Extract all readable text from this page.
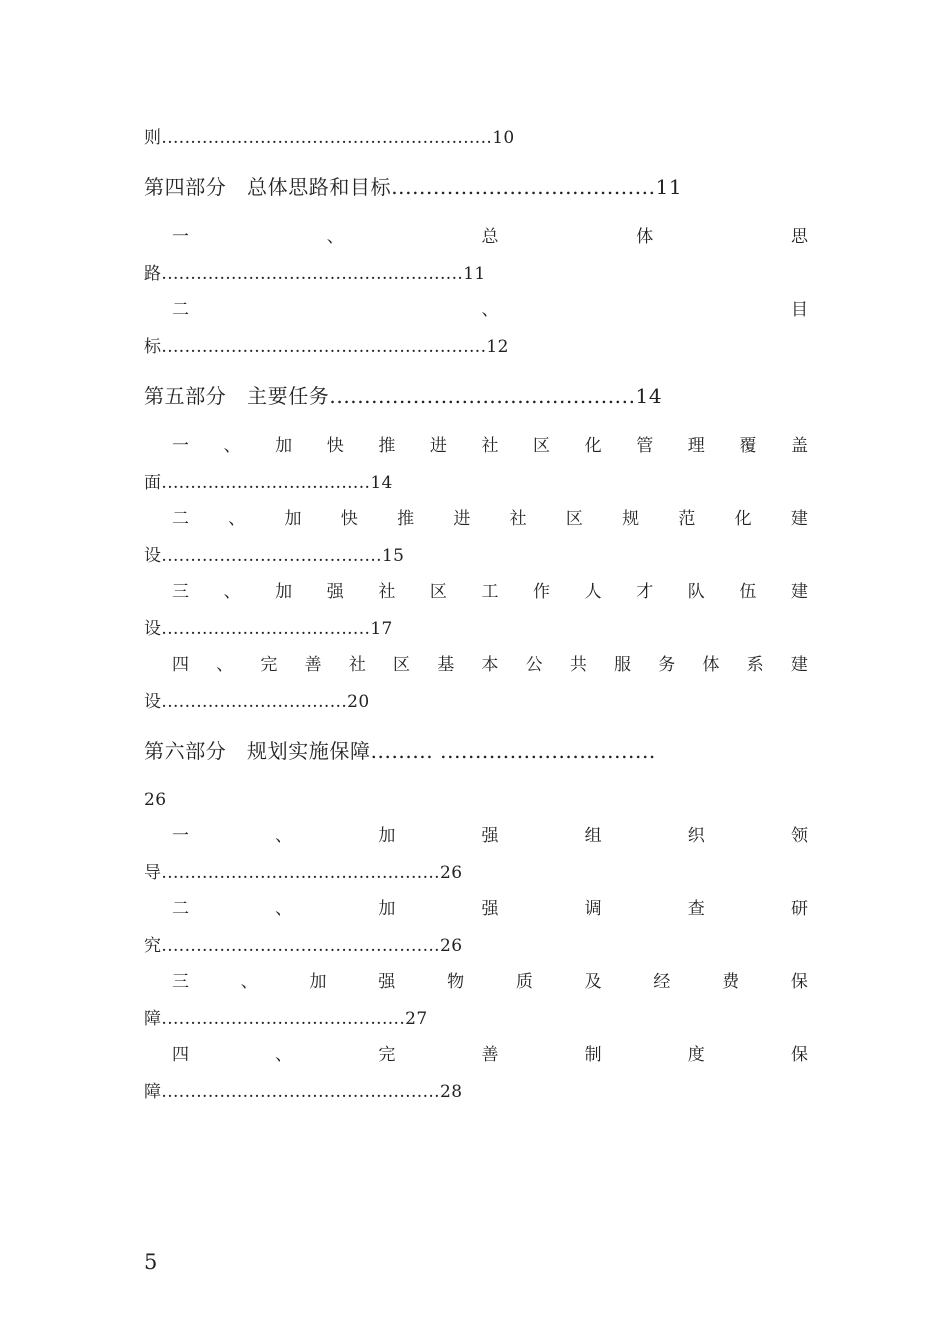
则.........................................................10
第四部分　总体思路和目标......................................11
一	、	总	体	思
路....................................................11
二	、	目
标........................................................12
第五部分　主要任务............................................14
一 、 加 快 推 进 社 区 化 管 理 覆 盖
面....................................14
二 、 加 快 推 进 社 区 规 范 化 建
设......................................15
三 、 加 强 社 区 工 作 人 才 队 伍 建
设....................................17
四 、 完 善 社 区 基 本 公 共 服 务 体 系 建
设................................20
第六部分　规划实施保障......... ...............................
26
一	、	加	强	组	织	领
导................................................26
二	、	加	强	调	查	研
究................................................26
三	、	加	强	物	质	及	经	费	保
障..........................................27
四	、	完	善	制	度	保
障................................................28
5
